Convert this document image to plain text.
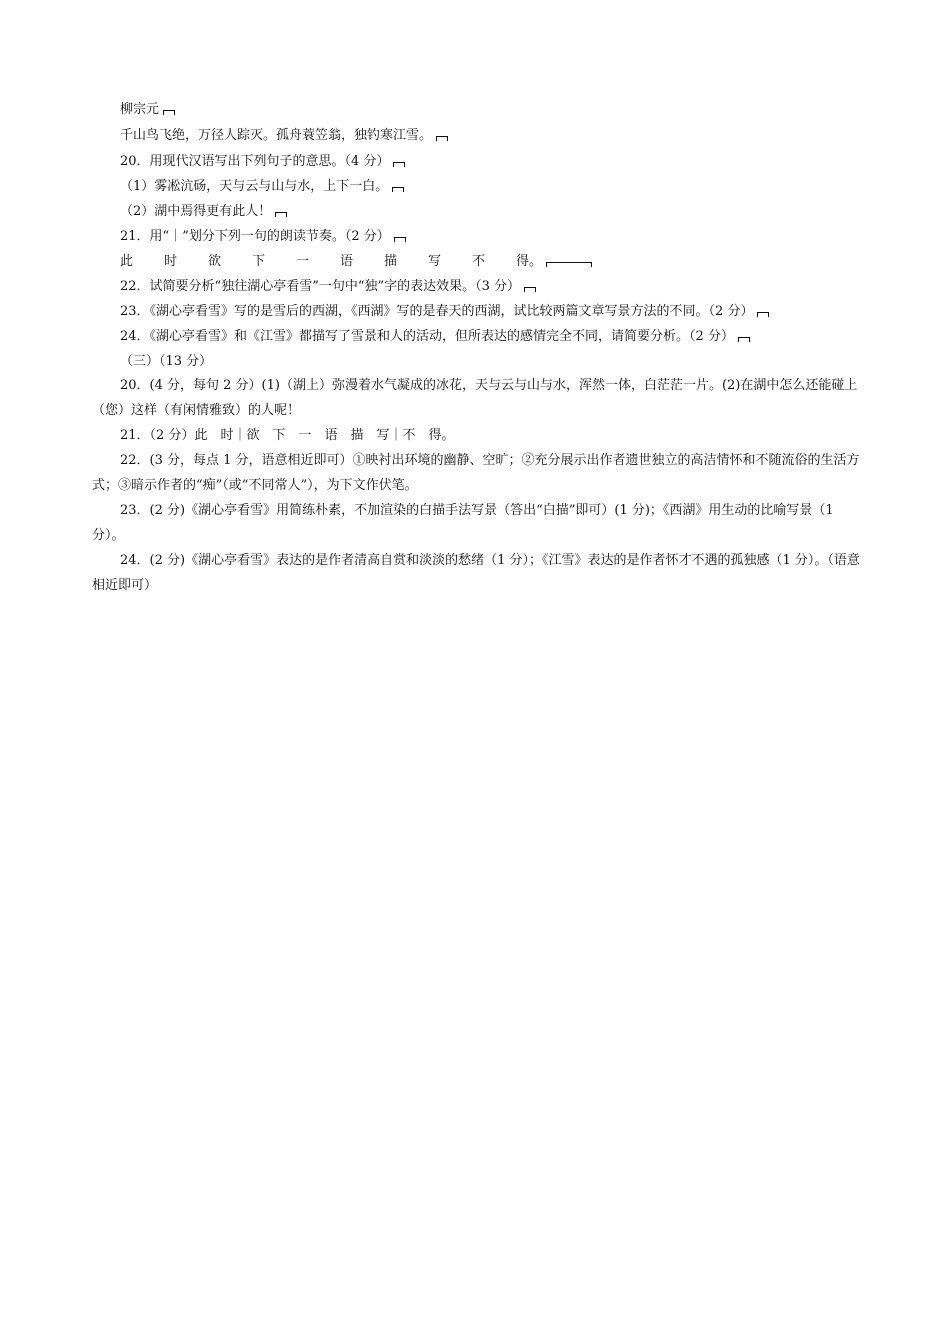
柳宗元
千山鸟飞绝，万径人踪灭。孤舟蓑笠翁，独钓寒江雪。
20．用现代汉语写出下列句子的意思。（4 分）
（1）雾凇沆砀，天与云与山与水，上下一白。
（2）湖中焉得更有此人！
21．用“｜”划分下列一句的朗读节奏。（2 分）
此 时 欲 下 一 语 描 写 不 得。
22．试简要分析“独往湖心亭看雪”一句中“独”字的表达效果。（3 分）
23．《湖心亭看雪》写的是雪后的西湖，《西湖》写的是春天的西湖，试比较两篇文章写景方法的不同。（2 分）
24．《湖心亭看雪》和《江雪》都描写了雪景和人的活动，但所表达的感情完全不同，请简要分析。（2 分）
（三）（13 分）
20．(4 分，每句 2 分）(1)（湖上）弥漫着水气凝成的冰花，天与云与山与水，浑然一体，白茫茫一片。(2)在湖中怎么还能碰上（您）这样（有闲情雅致）的人呢！
21．（2 分）此　时｜欲　下　一　语　描　写｜不　得。
22．(3 分，每点 1 分，语意相近即可）①映衬出环境的幽静、空旷；②充分展示出作者遗世独立的高洁情怀和不随流俗的生活方式；③暗示作者的“痴”（或“不同常人”），为下文作伏笔。
23．(2 分)《湖心亭看雪》用简练朴素，不加渲染的白描手法写景（答出“白描”即可）(1 分)；《西湖》用生动的比喻写景（1 分）。
24．(2 分)《湖心亭看雪》表达的是作者清高自赏和淡淡的愁绪（1 分）；《江雪》表达的是作者怀才不遇的孤独感（1 分）。（语意相近即可）
